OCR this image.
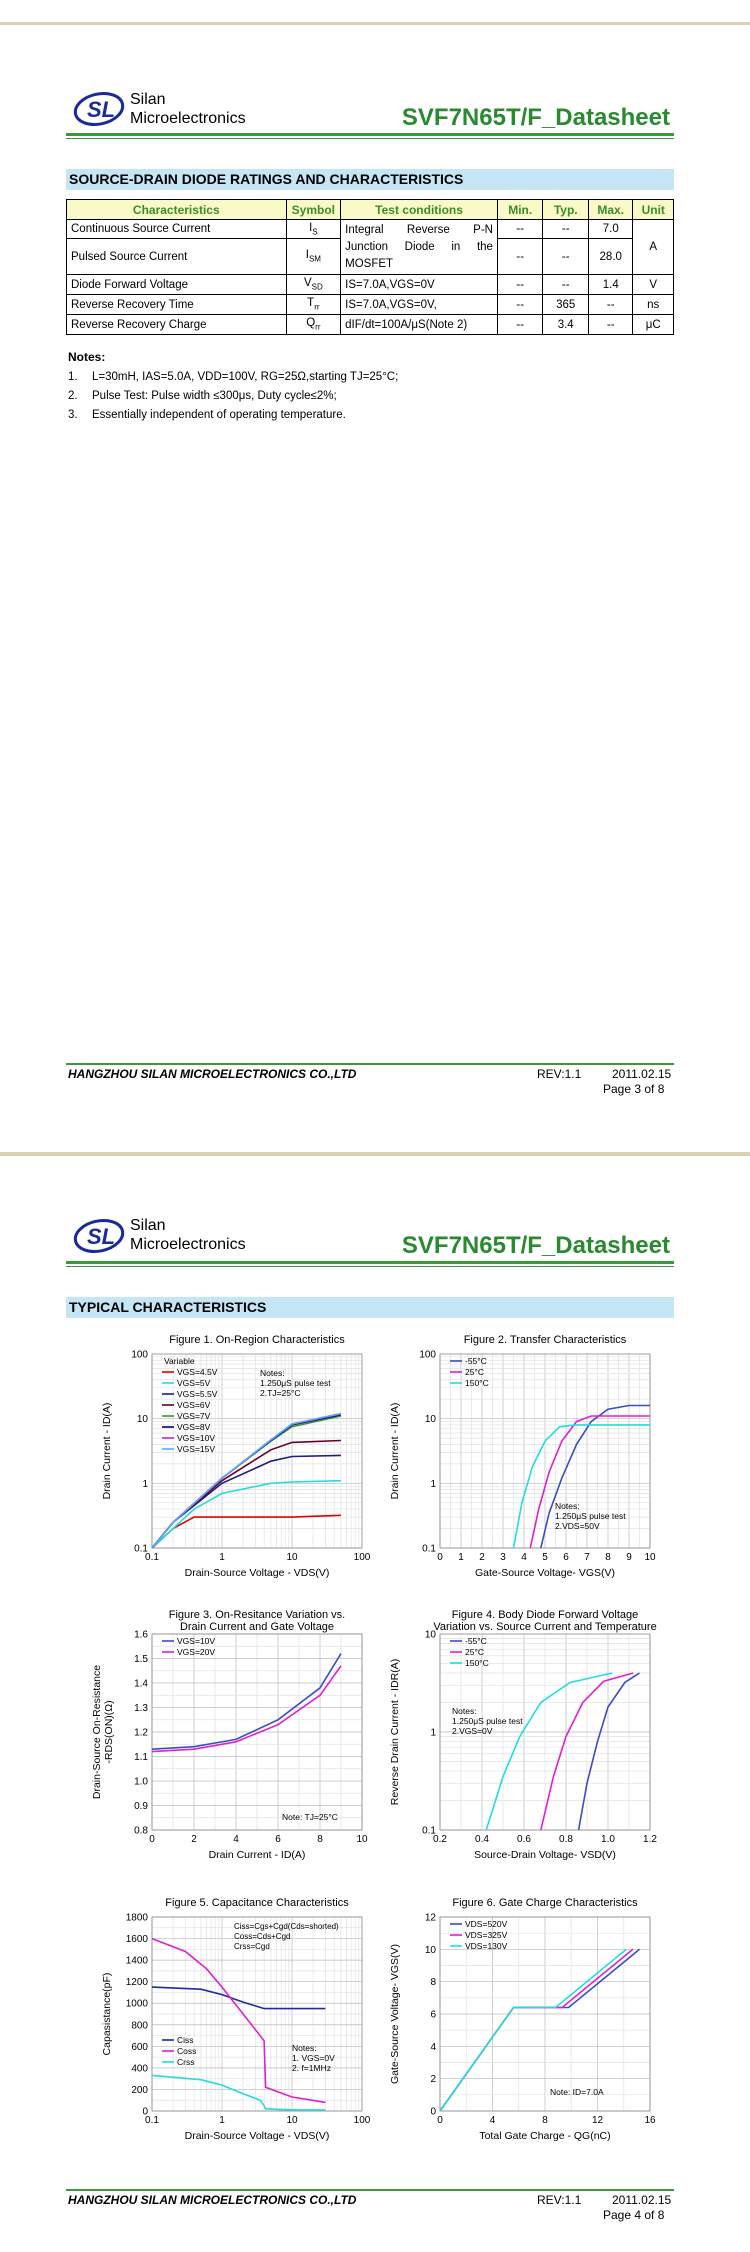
SL Silan
Microelectronics	SVF7N65T/F_Datasheet
SOURCE-DRAIN DIODE RATINGS AND CHARACTERISTICS
Characteristics	Symbol	Test conditions	Min.	Typ.	Max.	Unit
Continuous Source Current	$I_S$	Integral Reverse P-N Junction Diode in the MOSFET	--	--	7.0	A
Pulsed Source Current	$I_{SM}$		--	--	28.0	
Diode Forward Voltage	$V_{SD}$	IS=7.0A,VGS=0V	--	--	1.4	V
Reverse Recovery Time	$T_{rr}$	IS=7.0A,VGS=0V,	--	365	--	ns
Reverse Recovery Charge	$Q_{rr}$	dIF/dt=100A/μS(Note 2)	--	3.4	--	μC
Notes:
1. L=30mH, IAS=5.0A, VDD=100V, RG=25Ω,starting TJ=25°C;
2. Pulse Test: Pulse width ≤300μs, Duty cycle≤2%;
3. Essentially independent of operating temperature.
HANGZHOU SILAN MICROELECTRONICS CO.,LTD	REV:1.1	2011.02.15
Page 3 of 8
SL Silan
Microelectronics	SVF7N65T/F_Datasheet
TYPICAL CHARACTERISTICS
Figure 1. On-Region Characteristics
0.1	1	10	100
0.1
1
10
100
Drain-Source Voltage - VDS(V)
Drain Current - ID(A)
Variable
VGS=4.5V
VGS=5V
VGS=5.5V
VGS=6V
VGS=7V
VGS=8V
VGS=10V
VGS=15V
Notes:
1.250μS pulse test
2.TJ=25°C
Figure 2. Transfer Characteristics
0 1 2 3 4 5 6 7 8 9 10
0.1
1
10
100
Gate-Source Voltage- VGS(V)
Drain Current - ID(A)
-55°C
25°C
150°C
Notes:
1.250μS pulse test
2.VDS=50V
Figure 3. On-Resitance Variation vs.
Drain Current and Gate Voltage
0	2	4	6	8	10
0.8
0.9
1.0
1.1
1.2
1.3
1.4
1.5
1.6
Drain Current - ID(A)
Drain-Source On-Resistance -RDS(ON)(Ω)
VGS=10V
VGS=20V
Note: TJ=25°C
Figure 4. Body Diode Forward Voltage
Variation vs. Source Current and Temperature
0.2	0.4	0.6	0.8	1.0	1.2
0.1
1
10
Source-Drain Voltage- VSD(V)
Reverse Drain Current - IDR(A)
-55°C
25°C
150°C
Notes:
1.250μS pulse test
2.VGS=0V
Figure 5. Capacitance Characteristics
0.1	1	10	100
0
200
400
600
800
1000
1200
1400
1600
1800
Drain-Source Voltage - VDS(V)
Capasistance(pF)	Ciss
Coss
Crss
Ciss=Cgs+Cgd(Cds=shorted)
Coss=Cds+Cgd
Crss=Cgd
Notes:
1. VGS=0V
2. f=1MHz
Figure 6. Gate Charge Characteristics
0	4	8	12	16
0
2
4
6
8
10
12
Total Gate Charge - QG(nC)
Gate-Source Voltage- VGS(V)
VDS=520V
VDS=325V
VDS=130V
Note: ID=7.0A
HANGZHOU SILAN MICROELECTRONICS CO.,LTD	REV:1.1	2011.02.15
Page 4 of 8
